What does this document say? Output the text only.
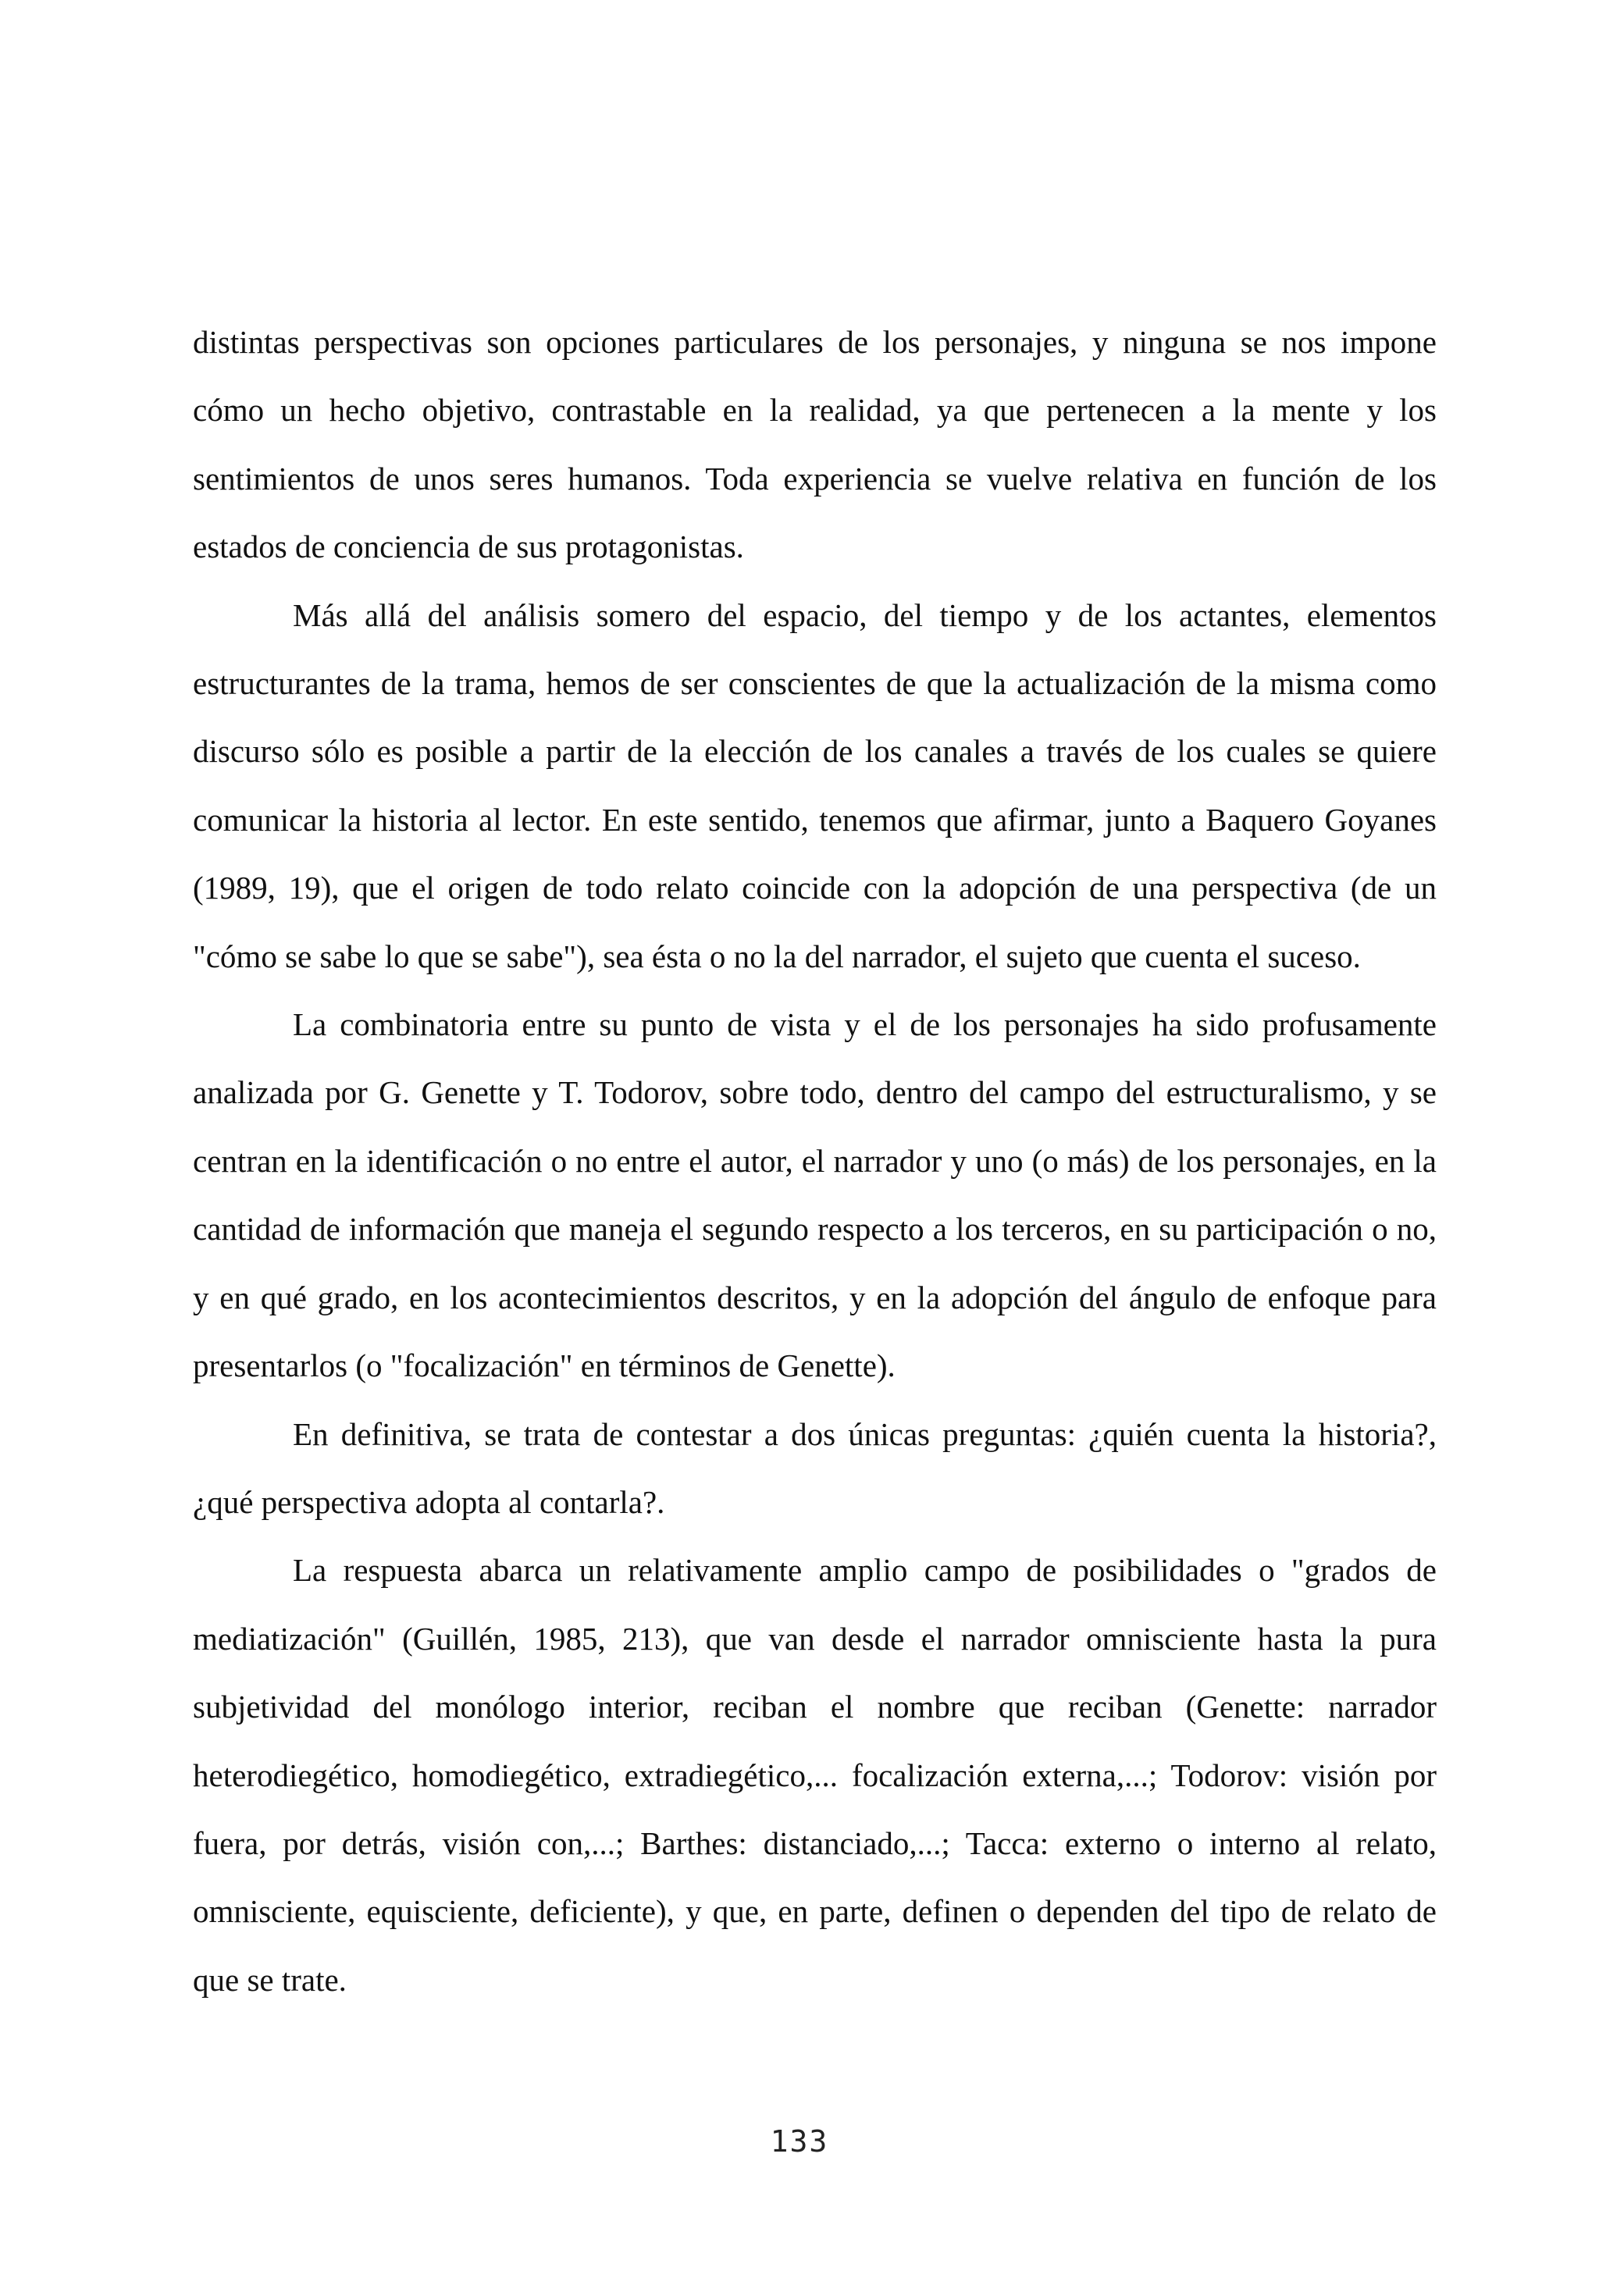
distintas perspectivas son opciones particulares de los personajes, y ninguna se nos impone cómo un hecho objetivo, contrastable en la realidad, ya que pertenecen a la mente y los sentimientos de unos seres humanos. Toda experiencia se vuelve relativa en función de los estados de conciencia de sus protagonistas.

Más allá del análisis somero del espacio, del tiempo y de los actantes, elementos estructurantes de la trama, hemos de ser conscientes de que la actualización de la misma como discurso sólo es posible a partir de la elección de los canales a través de los cuales se quiere comunicar la historia al lector. En este sentido, tenemos que afirmar, junto a Baquero Goyanes (1989, 19), que el origen de todo relato coincide con la adopción de una perspectiva (de un "cómo se sabe lo que se sabe"), sea ésta o no la del narrador, el sujeto que cuenta el suceso.

La combinatoria entre su punto de vista y el de los personajes ha sido profusamente analizada por G. Genette y T. Todorov, sobre todo, dentro del campo del estructuralismo, y se centran en la identificación o no entre el autor, el narrador y uno (o más) de los personajes, en la cantidad de información que maneja el segundo respecto a los terceros, en su participación o no, y en qué grado, en los acontecimientos descritos, y en la adopción del ángulo de enfoque para presentarlos (o "focalización" en términos de Genette).

En definitiva, se trata de contestar a dos únicas preguntas: ¿quién cuenta la historia?, ¿qué perspectiva adopta al contarla?.

La respuesta abarca un relativamente amplio campo de posibilidades o "grados de mediatización" (Guillén, 1985, 213), que van desde el narrador omnisciente hasta la pura subjetividad del monólogo interior, reciban el nombre que reciban (Genette: narrador heterodiegético, homodiegético, extradiegético,... focalización externa,...; Todorov: visión por fuera, por detrás, visión con,...; Barthes: distanciado,...; Tacca: externo o interno al relato, omnisciente, equisciente, deficiente), y que, en parte, definen o dependen del tipo de relato de que se trate.

133
